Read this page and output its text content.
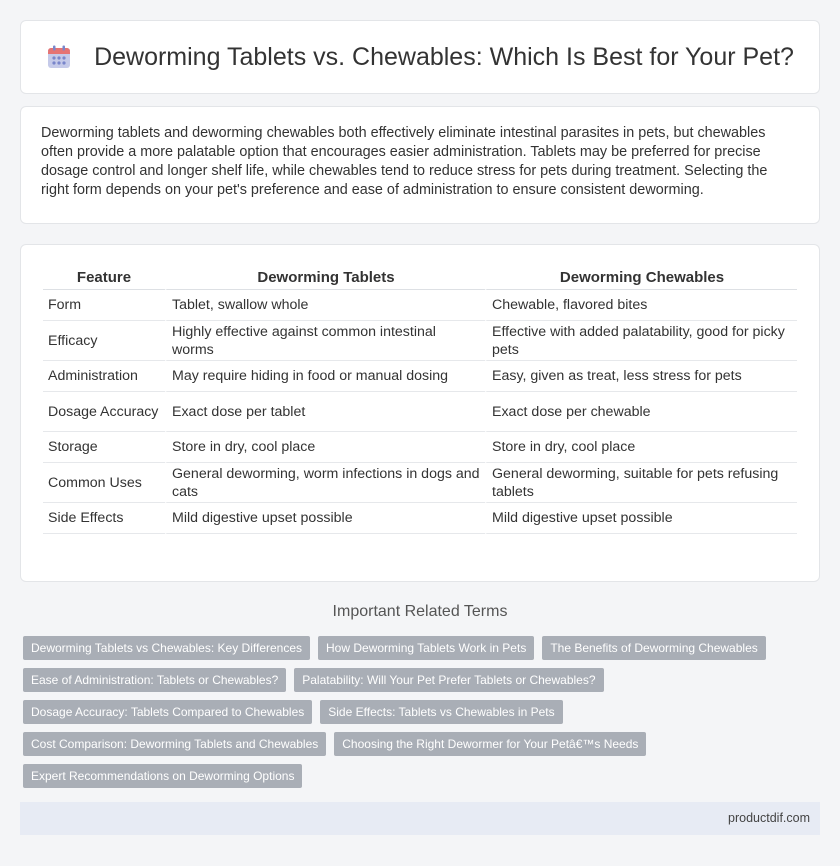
Deworming Tablets vs. Chewables: Which Is Best for Your Pet?

Deworming tablets and deworming chewables both effectively eliminate intestinal parasites in pets, but chewables often provide a more palatable option that encourages easier administration. Tablets may be preferred for precise dosage control and longer shelf life, while chewables tend to reduce stress for pets during treatment. Selecting the right form depends on your pet's preference and ease of administration to ensure consistent deworming.

Feature	Deworming Tablets	Deworming Chewables
Form	Tablet, swallow whole	Chewable, flavored bites
Efficacy	Highly effective against common intestinal worms	Effective with added palatability, good for picky pets
Administration	May require hiding in food or manual dosing	Easy, given as treat, less stress for pets
Dosage Accuracy	Exact dose per tablet	Exact dose per chewable
Storage	Store in dry, cool place	Store in dry, cool place
Common Uses	General deworming, worm infections in dogs and cats	General deworming, suitable for pets refusing tablets
Side Effects	Mild digestive upset possible	Mild digestive upset possible
Important Related Terms
Deworming Tablets vs Chewables: Key Differences	How Deworming Tablets Work in Pets	The Benefits of Deworming Chewables
Ease of Administration: Tablets or Chewables?	Palatability: Will Your Pet Prefer Tablets or Chewables?
Dosage Accuracy: Tablets Compared to Chewables	Side Effects: Tablets vs Chewables in Pets
Cost Comparison: Deworming Tablets and Chewables	Choosing the Right Dewormer for Your Petâ€™s Needs
Expert Recommendations on Deworming Options
productdif.com
